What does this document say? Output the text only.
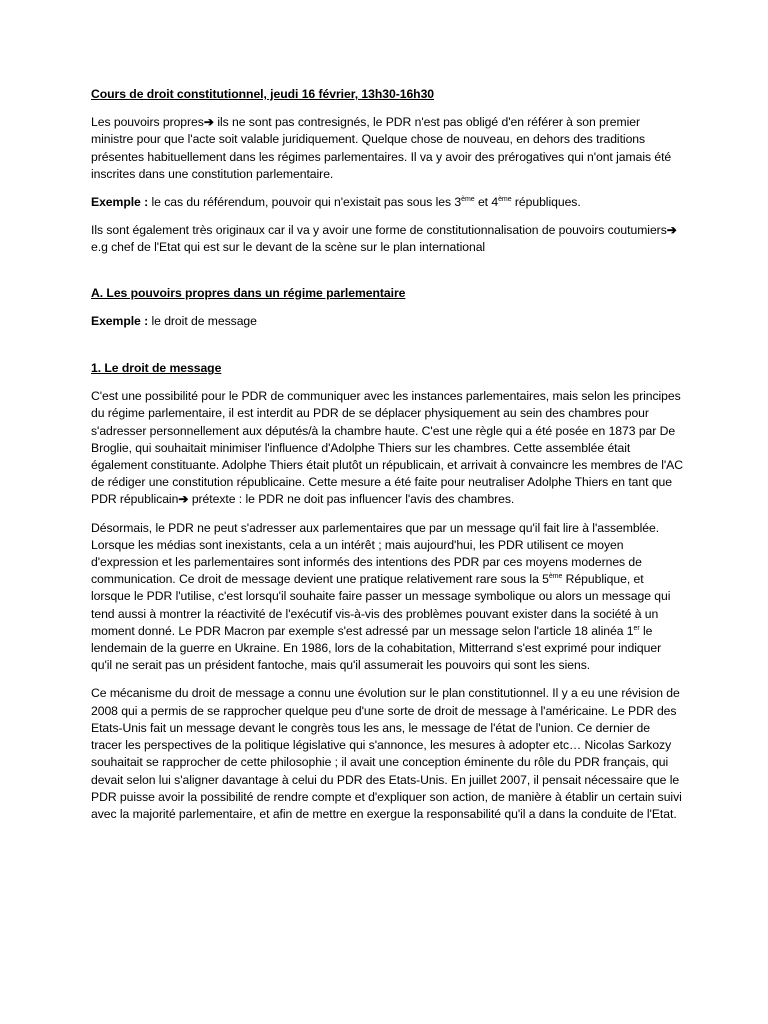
Cours de droit constitutionnel, jeudi 16 février, 13h30-16h30

Les pouvoirs propres➔ ils ne sont pas contresignés, le PDR n'est pas obligé d'en référer à son premier ministre pour que l'acte soit valable juridiquement. Quelque chose de nouveau, en dehors des traditions présentes habituellement dans les régimes parlementaires. Il va y avoir des prérogatives qui n'ont jamais été inscrites dans une constitution parlementaire.

Exemple : le cas du référendum, pouvoir qui n'existait pas sous les 3ème et 4ème républiques.

Ils sont également très originaux car il va y avoir une forme de constitutionnalisation de pouvoirs coutumiers➔ e.g chef de l'Etat qui est sur le devant de la scène sur le plan international

A. Les pouvoirs propres dans un régime parlementaire

Exemple : le droit de message

1. Le droit de message

C'est une possibilité pour le PDR de communiquer avec les instances parlementaires, mais selon les principes du régime parlementaire, il est interdit au PDR de se déplacer physiquement au sein des chambres pour s'adresser personnellement aux députés/à la chambre haute. C'est une règle qui a été posée en 1873 par De Broglie, qui souhaitait minimiser l'influence d'Adolphe Thiers sur les chambres. Cette assemblée était également constituante. Adolphe Thiers était plutôt un républicain, et arrivait à convaincre les membres de l'AC de rédiger une constitution républicaine. Cette mesure a été faite pour neutraliser Adolphe Thiers en tant que PDR républicain➔ prétexte : le PDR ne doit pas influencer l'avis des chambres.

Désormais, le PDR ne peut s'adresser aux parlementaires que par un message qu'il fait lire à l'assemblée. Lorsque les médias sont inexistants, cela a un intérêt ; mais aujourd'hui, les PDR utilisent ce moyen d'expression et les parlementaires sont informés des intentions des PDR par ces moyens modernes de communication. Ce droit de message devient une pratique relativement rare sous la 5ème République, et lorsque le PDR l'utilise, c'est lorsqu'il souhaite faire passer un message symbolique ou alors un message qui tend aussi à montrer la réactivité de l'exécutif vis-à-vis des problèmes pouvant exister dans la société à un moment donné. Le PDR Macron par exemple s'est adressé par un message selon l'article 18 alinéa 1er le lendemain de la guerre en Ukraine. En 1986, lors de la cohabitation, Mitterrand s'est exprimé pour indiquer qu'il ne serait pas un président fantoche, mais qu'il assumerait les pouvoirs qui sont les siens.

Ce mécanisme du droit de message a connu une évolution sur le plan constitutionnel. Il y a eu une révision de 2008 qui a permis de se rapprocher quelque peu d'une sorte de droit de message à l'américaine. Le PDR des Etats-Unis fait un message devant le congrès tous les ans, le message de l'état de l'union. Ce dernier de tracer les perspectives de la politique législative qui s'annonce, les mesures à adopter etc… Nicolas Sarkozy souhaitait se rapprocher de cette philosophie ; il avait une conception éminente du rôle du PDR français, qui devait selon lui s'aligner davantage à celui du PDR des Etats-Unis. En juillet 2007, il pensait nécessaire que le PDR puisse avoir la possibilité de rendre compte et d'expliquer son action, de manière à établir un certain suivi avec la majorité parlementaire, et afin de mettre en exergue la responsabilité qu'il a dans la conduite de l'Etat.
